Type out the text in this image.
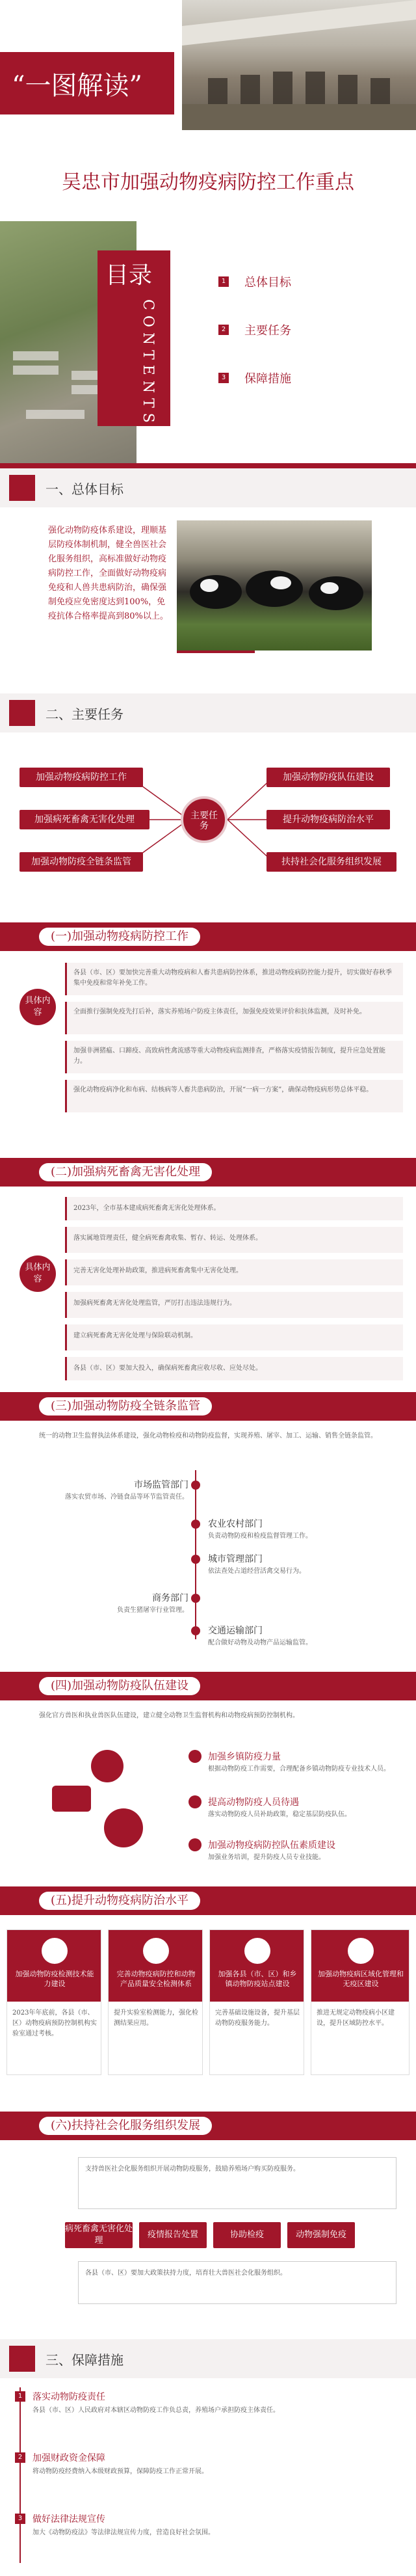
“一图解读”
吴忠市加强动物疫病防控工作重点
目录
CONTENTS
1 总体目标
2 主要任务
3 保障措施
一、总体目标
强化动物防疫体系建设，理顺基层防疫体制机制，健全兽医社会化服务组织，高标准做好动物疫病防控工作，全面做好动物疫病免疫和人兽共患病防治，确保强制免疫应免密度达到100%，免疫抗体合格率提高到80%以上。
二、主要任务
加强动物疫病防控工作
加强病死畜禽无害化处理
加强动物防疫全链条监管
主要任务
加强动物防疫队伍建设
提升动物疫病防治水平
扶持社会化服务组织发展
(一)加强动物疫病防控工作
具体内容
各县（市、区）要加快完善重大动物疫病和人畜共患病防控体系，推进动物疫病防控能力提升，切实做好春秋季集中免疫和常年补免工作。
全面推行强制免疫先打后补，落实养殖场户防疫主体责任，加强免疫效果评价和抗体监测，及时补免。
加强非洲猪瘟、口蹄疫、高致病性禽流感等重大动物疫病监测排查，严格落实疫情报告制度，提升应急处置能力。
强化动物疫病净化和布病、结核病等人畜共患病防治，开展“一病一方案”，确保动物疫病形势总体平稳。
(二)加强病死畜禽无害化处理
具体内容
2023年，全市基本建成病死畜禽无害化处理体系。
落实属地管理责任，健全病死畜禽收集、暂存、转运、处理体系。
完善无害化处理补助政策，推进病死畜禽集中无害化处理。
加强病死畜禽无害化处理监管，严厉打击违法违规行为。
建立病死畜禽无害化处理与保险联动机制。
各县（市、区）要加大投入，确保病死畜禽应收尽收、应处尽处。
(三)加强动物防疫全链条监管
统一的动物卫生监督执法体系建设，强化动物检疫和动物防疫监督，实现养殖、屠宰、加工、运输、销售全链条监管。
市场监管部门
落实农贸市场、冷链食品等环节监管责任。
农业农村部门
负责动物防疫和检疫监督管理工作。
城市管理部门
依法查处占道经营活禽交易行为。
商务部门
负责生猪屠宰行业管理。
交通运输部门
配合做好动物及动物产品运输监管。
(四)加强动物防疫队伍建设
强化官方兽医和执业兽医队伍建设，建立健全动物卫生监督机构和动物疫病预防控制机构。
加强乡镇防疫力量
根据动物防疫工作需要，合理配备乡镇动物防疫专业技术人员。
提高动物防疫人员待遇
落实动物防疫人员补助政策，稳定基层防疫队伍。
加强动物疫病防控队伍素质建设
加强业务培训，提升防疫人员专业技能。
(五)提升动物疫病防治水平
加强动物防疫检测技术能力建设
2023年年底前，各县（市、区）动物疫病预防控制机构实验室通过考核。
完善动物疫病防控和动物产品质量安全检测体系
提升实验室检测能力，强化检测结果应用。
加强各县（市、区）和乡镇动物防疫站点建设
完善基础设施设备，提升基层动物防疫服务能力。
加强动物疫病区域化管理和无疫区建设
推进无规定动物疫病小区建设，提升区域防控水平。
(六)扶持社会化服务组织发展
支持兽医社会化服务组织开展动物防疫服务，鼓励养殖场户购买防疫服务。
病死畜禽无害化处理
疫情报告处置	协助检疫	动物强制免疫
各县（市、区）要加大政策扶持力度，培育壮大兽医社会化服务组织。
三、保障措施
1	落实动物防疫责任
各县（市、区）人民政府对本辖区动物防疫工作负总责，养殖场户承担防疫主体责任。
2	加强财政资金保障
将动物防疫经费纳入本级财政预算，保障防疫工作正常开展。
3	做好法律法规宣传
加大《动物防疫法》等法律法规宣传力度，营造良好社会氛围。
